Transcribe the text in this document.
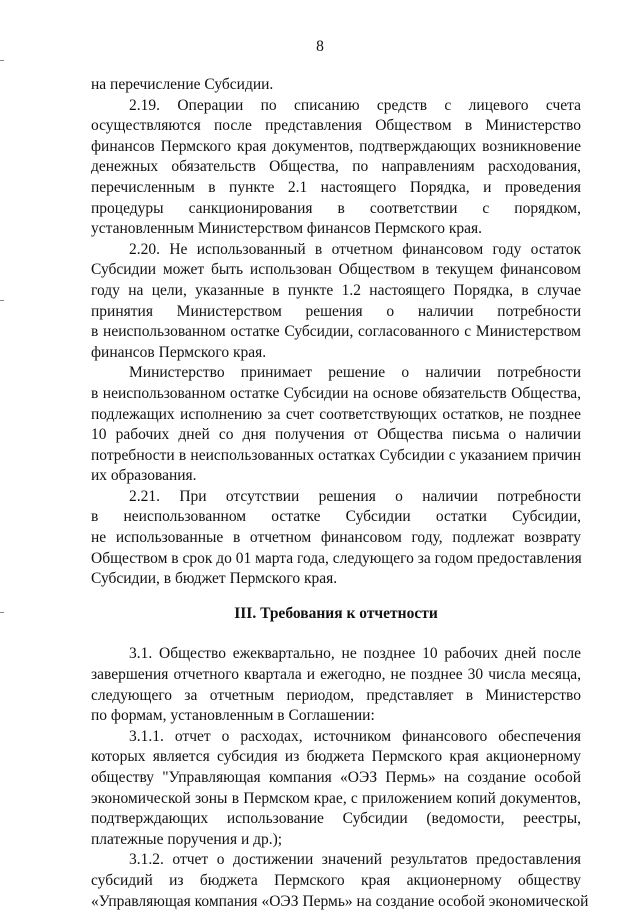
8
на перечисление Субсидии.
2.19. Операции по списанию средств с лицевого счета
осуществляются после представления Обществом в Министерство
финансов Пермского края документов, подтверждающих возникновение
денежных обязательств Общества, по направлениям расходования,
перечисленным в пункте 2.1 настоящего Порядка, и проведения
процедуры санкционирования в соответствии с порядком,
установленным Министерством финансов Пермского края.
2.20. Не использованный в отчетном финансовом году остаток
Субсидии может быть использован Обществом в текущем финансовом
году на цели, указанные в пункте 1.2 настоящего Порядка, в случае
принятия Министерством решения о наличии потребности
в неиспользованном остатке Субсидии, согласованного с Министерством
финансов Пермского края.
Министерство принимает решение о наличии потребности
в неиспользованном остатке Субсидии на основе обязательств Общества,
подлежащих исполнению за счет соответствующих остатков, не позднее
10 рабочих дней со дня получения от Общества письма о наличии
потребности в неиспользованных остатках Субсидии с указанием причин
их образования.
2.21. При отсутствии решения о наличии потребности
в неиспользованном остатке Субсидии остатки Субсидии,
не использованные в отчетном финансовом году, подлежат возврату
Обществом в срок до 01 марта года, следующего за годом предоставления
Субсидии, в бюджет Пермского края.
III. Требования к отчетности
3.1. Общество ежеквартально, не позднее 10 рабочих дней после
завершения отчетного квартала и ежегодно, не позднее 30 числа месяца,
следующего за отчетным периодом, представляет в Министерство
по формам, установленным в Соглашении:
3.1.1. отчет о расходах, источником финансового обеспечения
которых является субсидия из бюджета Пермского края акционерному
обществу "Управляющая компания «ОЭЗ Пермь» на создание особой
экономической зоны в Пермском крае, с приложением копий документов,
подтверждающих использование Субсидии (ведомости, реестры,
платежные поручения и др.);
3.1.2. отчет о достижении значений результатов предоставления
субсидий из бюджета Пермского края акционерному обществу
«Управляющая компания «ОЭЗ Пермь» на создание особой экономической
